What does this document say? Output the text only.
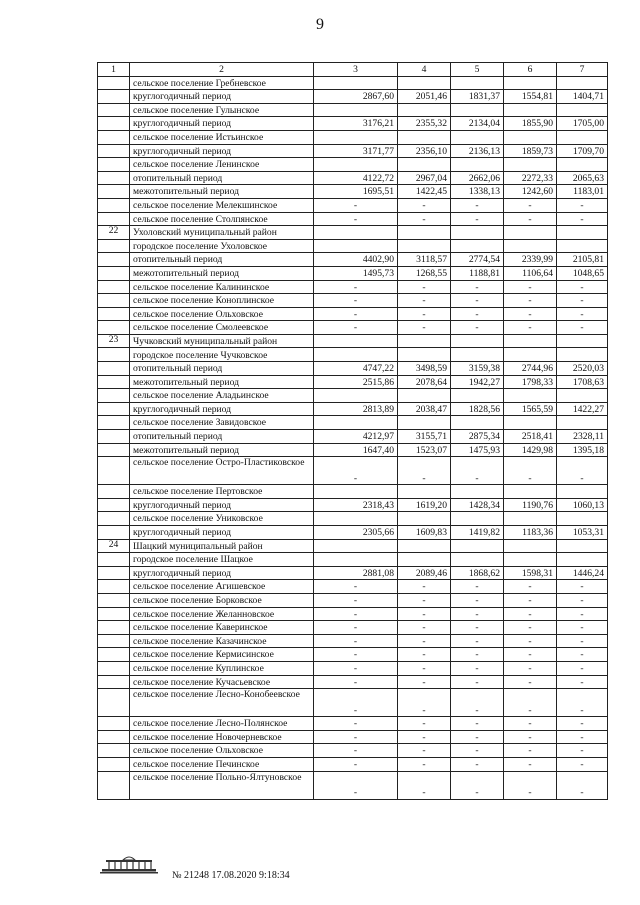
9
1	2	3	4	5	6	7
	сельское поселение Гребневское					
	круглогодичный период	2867,60	2051,46	1831,37	1554,81	1404,71
	сельское поселение Гулынское					
	круглогодичный период	3176,21	2355,32	2134,04	1855,90	1705,00
	сельское поселение Истьинское					
	круглогодичный период	3171,77	2356,10	2136,13	1859,73	1709,70
	сельское поселение Ленинское					
	отопительный период	4122,72	2967,04	2662,06	2272,33	2065,63
	межотопительный период	1695,51	1422,45	1338,13	1242,60	1183,01
	сельское поселение Мелекшинское	-	-	-	-	-
	сельское поселение Столпянское	-	-	-	-	-
22	Ухоловский муниципальный район					
	городское поселение Ухоловское					
	отопительный период	4402,90	3118,57	2774,54	2339,99	2105,81
	межотопительный период	1495,73	1268,55	1188,81	1106,64	1048,65
	сельское поселение Калининское	-	-	-	-	-
	сельское поселение Коноплинское	-	-	-	-	-
	сельское поселение Ольховское	-	-	-	-	-
	сельское поселение Смолеевское	-	-	-	-	-
23	Чучковский муниципальный район					
	городское поселение Чучковское					
	отопительный период	4747,22	3498,59	3159,38	2744,96	2520,03
	межотопительный период	2515,86	2078,64	1942,27	1798,33	1708,63
	сельское поселение Аладьинское					
	круглогодичный период	2813,89	2038,47	1828,56	1565,59	1422,27
	сельское поселение Завидовское					
	отопительный период	4212,97	3155,71	2875,34	2518,41	2328,11
	межотопительный период	1647,40	1523,07	1475,93	1429,98	1395,18
	сельское поселение Остро-Пластиковское	-	-	-	-	-
	сельское поселение Пертовское					
	круглогодичный период	2318,43	1619,20	1428,34	1190,76	1060,13
	сельское поселение Униковское					
	круглогодичный период	2305,66	1609,83	1419,82	1183,36	1053,31
24	Шацкий муниципальный район					
	городское поселение Шацкое					
	круглогодичный период	2881,08	2089,46	1868,62	1598,31	1446,24
	сельское поселение Агишевское	-	-	-	-	-
	сельское поселение Борковское	-	-	-	-	-
	сельское поселение Желанновское	-	-	-	-	-
	сельское поселение Каверинское	-	-	-	-	-
	сельское поселение Казачинское	-	-	-	-	-
	сельское поселение Кермисинское	-	-	-	-	-
	сельское поселение Куплинское	-	-	-	-	-
	сельское поселение Кучасьевское	-	-	-	-	-
	сельское поселение Лесно-Конобеевское	-	-	-	-	-
	сельское поселение Лесно-Полянское	-	-	-	-	-
	сельское поселение Новочерневское	-	-	-	-	-
	сельское поселение Ольховское	-	-	-	-	-
	сельское поселение Печинское	-	-	-	-	-
	сельское поселение Польно-Ялтуновское	-	-	-	-	-
№ 21248 17.08.2020 9:18:34
